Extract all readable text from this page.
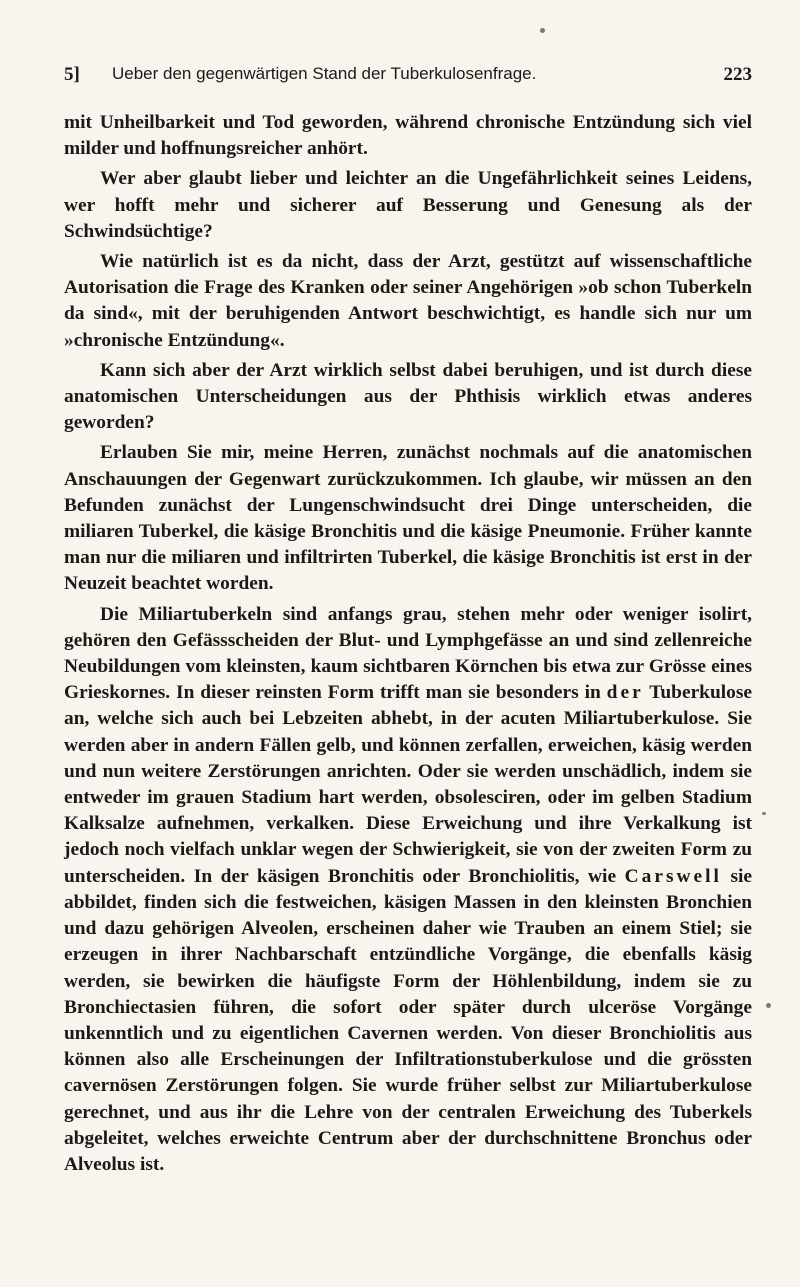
5] Ueber den gegenwärtigen Stand der Tuberkulosenfrage.	223

mit Unheilbarkeit und Tod geworden, während chronische Entzündung sich viel milder und hoffnungsreicher anhört.

Wer aber glaubt lieber und leichter an die Ungefährlichkeit seines Leidens, wer hofft mehr und sicherer auf Besserung und Genesung als der Schwindsüchtige?

Wie natürlich ist es da nicht, dass der Arzt, gestützt auf wissenschaftliche Autorisation die Frage des Kranken oder seiner Angehörigen »ob schon Tuberkeln da sind«, mit der beruhigenden Antwort beschwichtigt, es handle sich nur um »chronische Entzündung«.

Kann sich aber der Arzt wirklich selbst dabei beruhigen, und ist durch diese anatomischen Unterscheidungen aus der Phthisis wirklich etwas anderes geworden?

Erlauben Sie mir, meine Herren, zunächst nochmals auf die anatomischen Anschauungen der Gegenwart zurückzukommen. Ich glaube, wir müssen an den Befunden zunächst der Lungenschwindsucht drei Dinge unterscheiden, die miliaren Tuberkel, die käsige Bronchitis und die käsige Pneumonie. Früher kannte man nur die miliaren und infiltrirten Tuberkel, die käsige Bronchitis ist erst in der Neuzeit beachtet worden.

Die Miliartuberkeln sind anfangs grau, stehen mehr oder weniger isolirt, gehören den Gefässscheiden der Blut- und Lymphgefässe an und sind zellenreiche Neubildungen vom kleinsten, kaum sichtbaren Körnchen bis etwa zur Grösse eines Grieskornes. In dieser reinsten Form trifft man sie besonders in der Tuberkulose an, welche sich auch bei Lebzeiten abhebt, in der acuten Miliartuberkulose. Sie werden aber in andern Fällen gelb, und können zerfallen, erweichen, käsig werden und nun weitere Zerstörungen anrichten. Oder sie werden unschädlich, indem sie entweder im grauen Stadium hart werden, obsolesciren, oder im gelben Stadium Kalksalze aufnehmen, verkalken. Diese Erweichung und ihre Verkalkung ist jedoch noch vielfach unklar wegen der Schwierigkeit, sie von der zweiten Form zu unterscheiden. In der käsigen Bronchitis oder Bronchiolitis, wie Carswell sie abbildet, finden sich die festweichen, käsigen Massen in den kleinsten Bronchien und dazu gehörigen Alveolen, erscheinen daher wie Trauben an einem Stiel; sie erzeugen in ihrer Nachbarschaft entzündliche Vorgänge, die ebenfalls käsig werden, sie bewirken die häufigste Form der Höhlenbildung, indem sie zu Bronchiectasien führen, die sofort oder später durch ulceröse Vorgänge unkenntlich und zu eigentlichen Cavernen werden. Von dieser Bronchiolitis aus können also alle Erscheinungen der Infiltrationstuberkulose und die grössten cavernösen Zerstörungen folgen. Sie wurde früher selbst zur Miliartuberkulose gerechnet, und aus ihr die Lehre von der centralen Erweichung des Tuberkels abgeleitet, welches erweichte Centrum aber der durchschnittene Bronchus oder Alveolus ist.
